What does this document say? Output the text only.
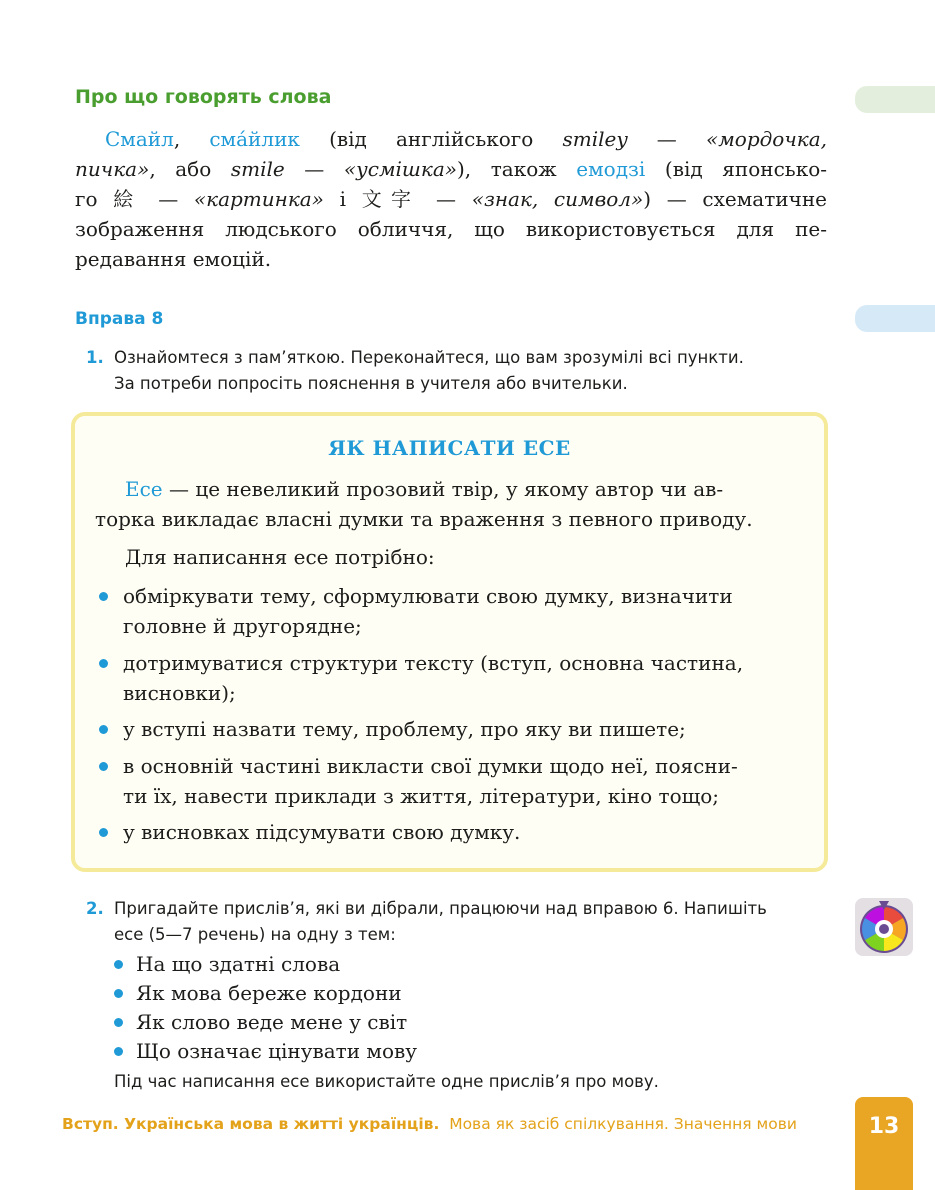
Про що говорять слова
  Смайл, сма́йлик (від англійського smiley — «мордочка,
пичка», або smile — «усмішка»), також емодзі (від японсько-
го 絵 — «картинка» і 文字 — «знак, символ») — схематичне
зображення людського обличчя, що використовується для пе-
редавання емоцій.
Вправа 8
1. Ознайомтеся з пам’яткою. Переконайтеся, що вам зрозумілі всі пункти.
За потреби попросіть пояснення в учителя або вчительки.
ЯК НАПИСАТИ ЕСЕ
  Есе — це невеликий прозовий твір, у якому автор чи ав-
торка викладає власні думки та враження з певного приводу.
  Для написання есе потрібно:
обміркувати тему, сформулювати свою думку, визначити
головне й другорядне;
дотримуватися структури тексту (вступ, основна частина,
висновки);
у вступі назвати тему, проблему, про яку ви пишете;
в основній частині викласти свої думки щодо неї, поясни-
ти їх, навести приклади з життя, літератури, кіно тощо;
у висновках підсумувати свою думку.
2. Пригадайте прислів’я, які ви дібрали, працюючи над вправою 6. Напишіть
есе (5—7 речень) на одну з тем:
На що здатні слова
Як мова береже кордони
Як слово веде мене у світ
Що означає цінувати мову
Під час написання есе використайте одне прислів’я про мову.
Вступ. Українська мова в житті українців. Мова як засіб спілкування. Значення мови	13
